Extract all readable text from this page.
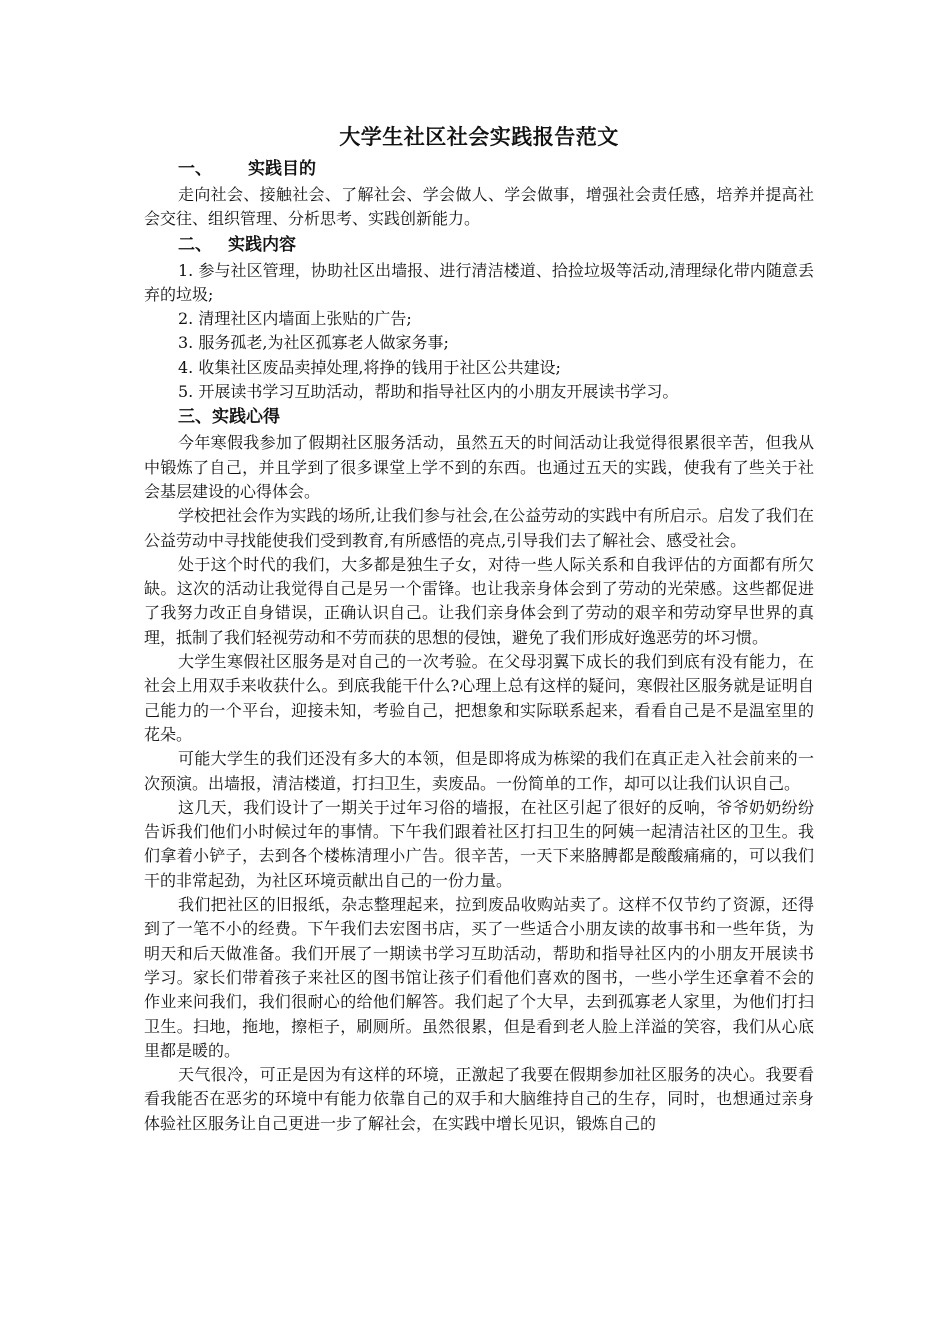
大学生社区社会实践报告范文
一、 实践目的

走向社会、接触社会、了解社会、学会做人、学会做事，增强社会责任感，培养并提高社会交往、组织管理、分析思考、实践创新能力。

二、 实践内容

1. 参与社区管理，协助社区出墙报、进行清洁楼道、拾捡垃圾等活动,清理绿化带内随意丢弃的垃圾;

2. 清理社区内墙面上张贴的广告;

3. 服务孤老,为社区孤寡老人做家务事;

4. 收集社区废品卖掉处理,将挣的钱用于社区公共建设;

5. 开展读书学习互助活动，帮助和指导社区内的小朋友开展读书学习。

三、实践心得

今年寒假我参加了假期社区服务活动，虽然五天的时间活动让我觉得很累很辛苦，但我从中锻炼了自己，并且学到了很多课堂上学不到的东西。也通过五天的实践，使我有了些关于社会基层建设的心得体会。

学校把社会作为实践的场所,让我们参与社会,在公益劳动的实践中有所启示。启发了我们在公益劳动中寻找能使我们受到教育,有所感悟的亮点,引导我们去了解社会、感受社会。

处于这个时代的我们，大多都是独生子女，对待一些人际关系和自我评估的方面都有所欠缺。这次的活动让我觉得自己是另一个雷锋。也让我亲身体会到了劳动的光荣感。这些都促进了我努力改正自身错误，正确认识自己。让我们亲身体会到了劳动的艰辛和劳动穿早世界的真理，抵制了我们轻视劳动和不劳而获的思想的侵蚀，避免了我们形成好逸恶劳的坏习惯。

大学生寒假社区服务是对自己的一次考验。在父母羽翼下成长的我们到底有没有能力，在社会上用双手来收获什么。到底我能干什么?心理上总有这样的疑问，寒假社区服务就是证明自己能力的一个平台，迎接未知，考验自己，把想象和实际联系起来，看看自己是不是温室里的花朵。

可能大学生的我们还没有多大的本领，但是即将成为栋梁的我们在真正走入社会前来的一次预演。出墙报，清洁楼道，打扫卫生，卖废品。一份简单的工作，却可以让我们认识自己。

这几天，我们设计了一期关于过年习俗的墙报，在社区引起了很好的反响，爷爷奶奶纷纷告诉我们他们小时候过年的事情。下午我们跟着社区打扫卫生的阿姨一起清洁社区的卫生。我们拿着小铲子，去到各个楼栋清理小广告。很辛苦，一天下来胳膊都是酸酸痛痛的，可以我们干的非常起劲，为社区环境贡献出自己的一份力量。

我们把社区的旧报纸，杂志整理起来，拉到废品收购站卖了。这样不仅节约了资源，还得到了一笔不小的经费。下午我们去宏图书店，买了一些适合小朋友读的故事书和一些年货，为明天和后天做准备。我们开展了一期读书学习互助活动，帮助和指导社区内的小朋友开展读书学习。家长们带着孩子来社区的图书馆让孩子们看他们喜欢的图书，一些小学生还拿着不会的作业来问我们，我们很耐心的给他们解答。我们起了个大早，去到孤寡老人家里，为他们打扫卫生。扫地，拖地，擦柜子，刷厕所。虽然很累，但是看到老人脸上洋溢的笑容，我们从心底里都是暖的。

天气很冷，可正是因为有这样的环境，正激起了我要在假期参加社区服务的决心。我要看看我能否在恶劣的环境中有能力依靠自己的双手和大脑维持自己的生存，同时，也想通过亲身体验社区服务让自己更进一步了解社会，在实践中增长见识，锻炼自己的
